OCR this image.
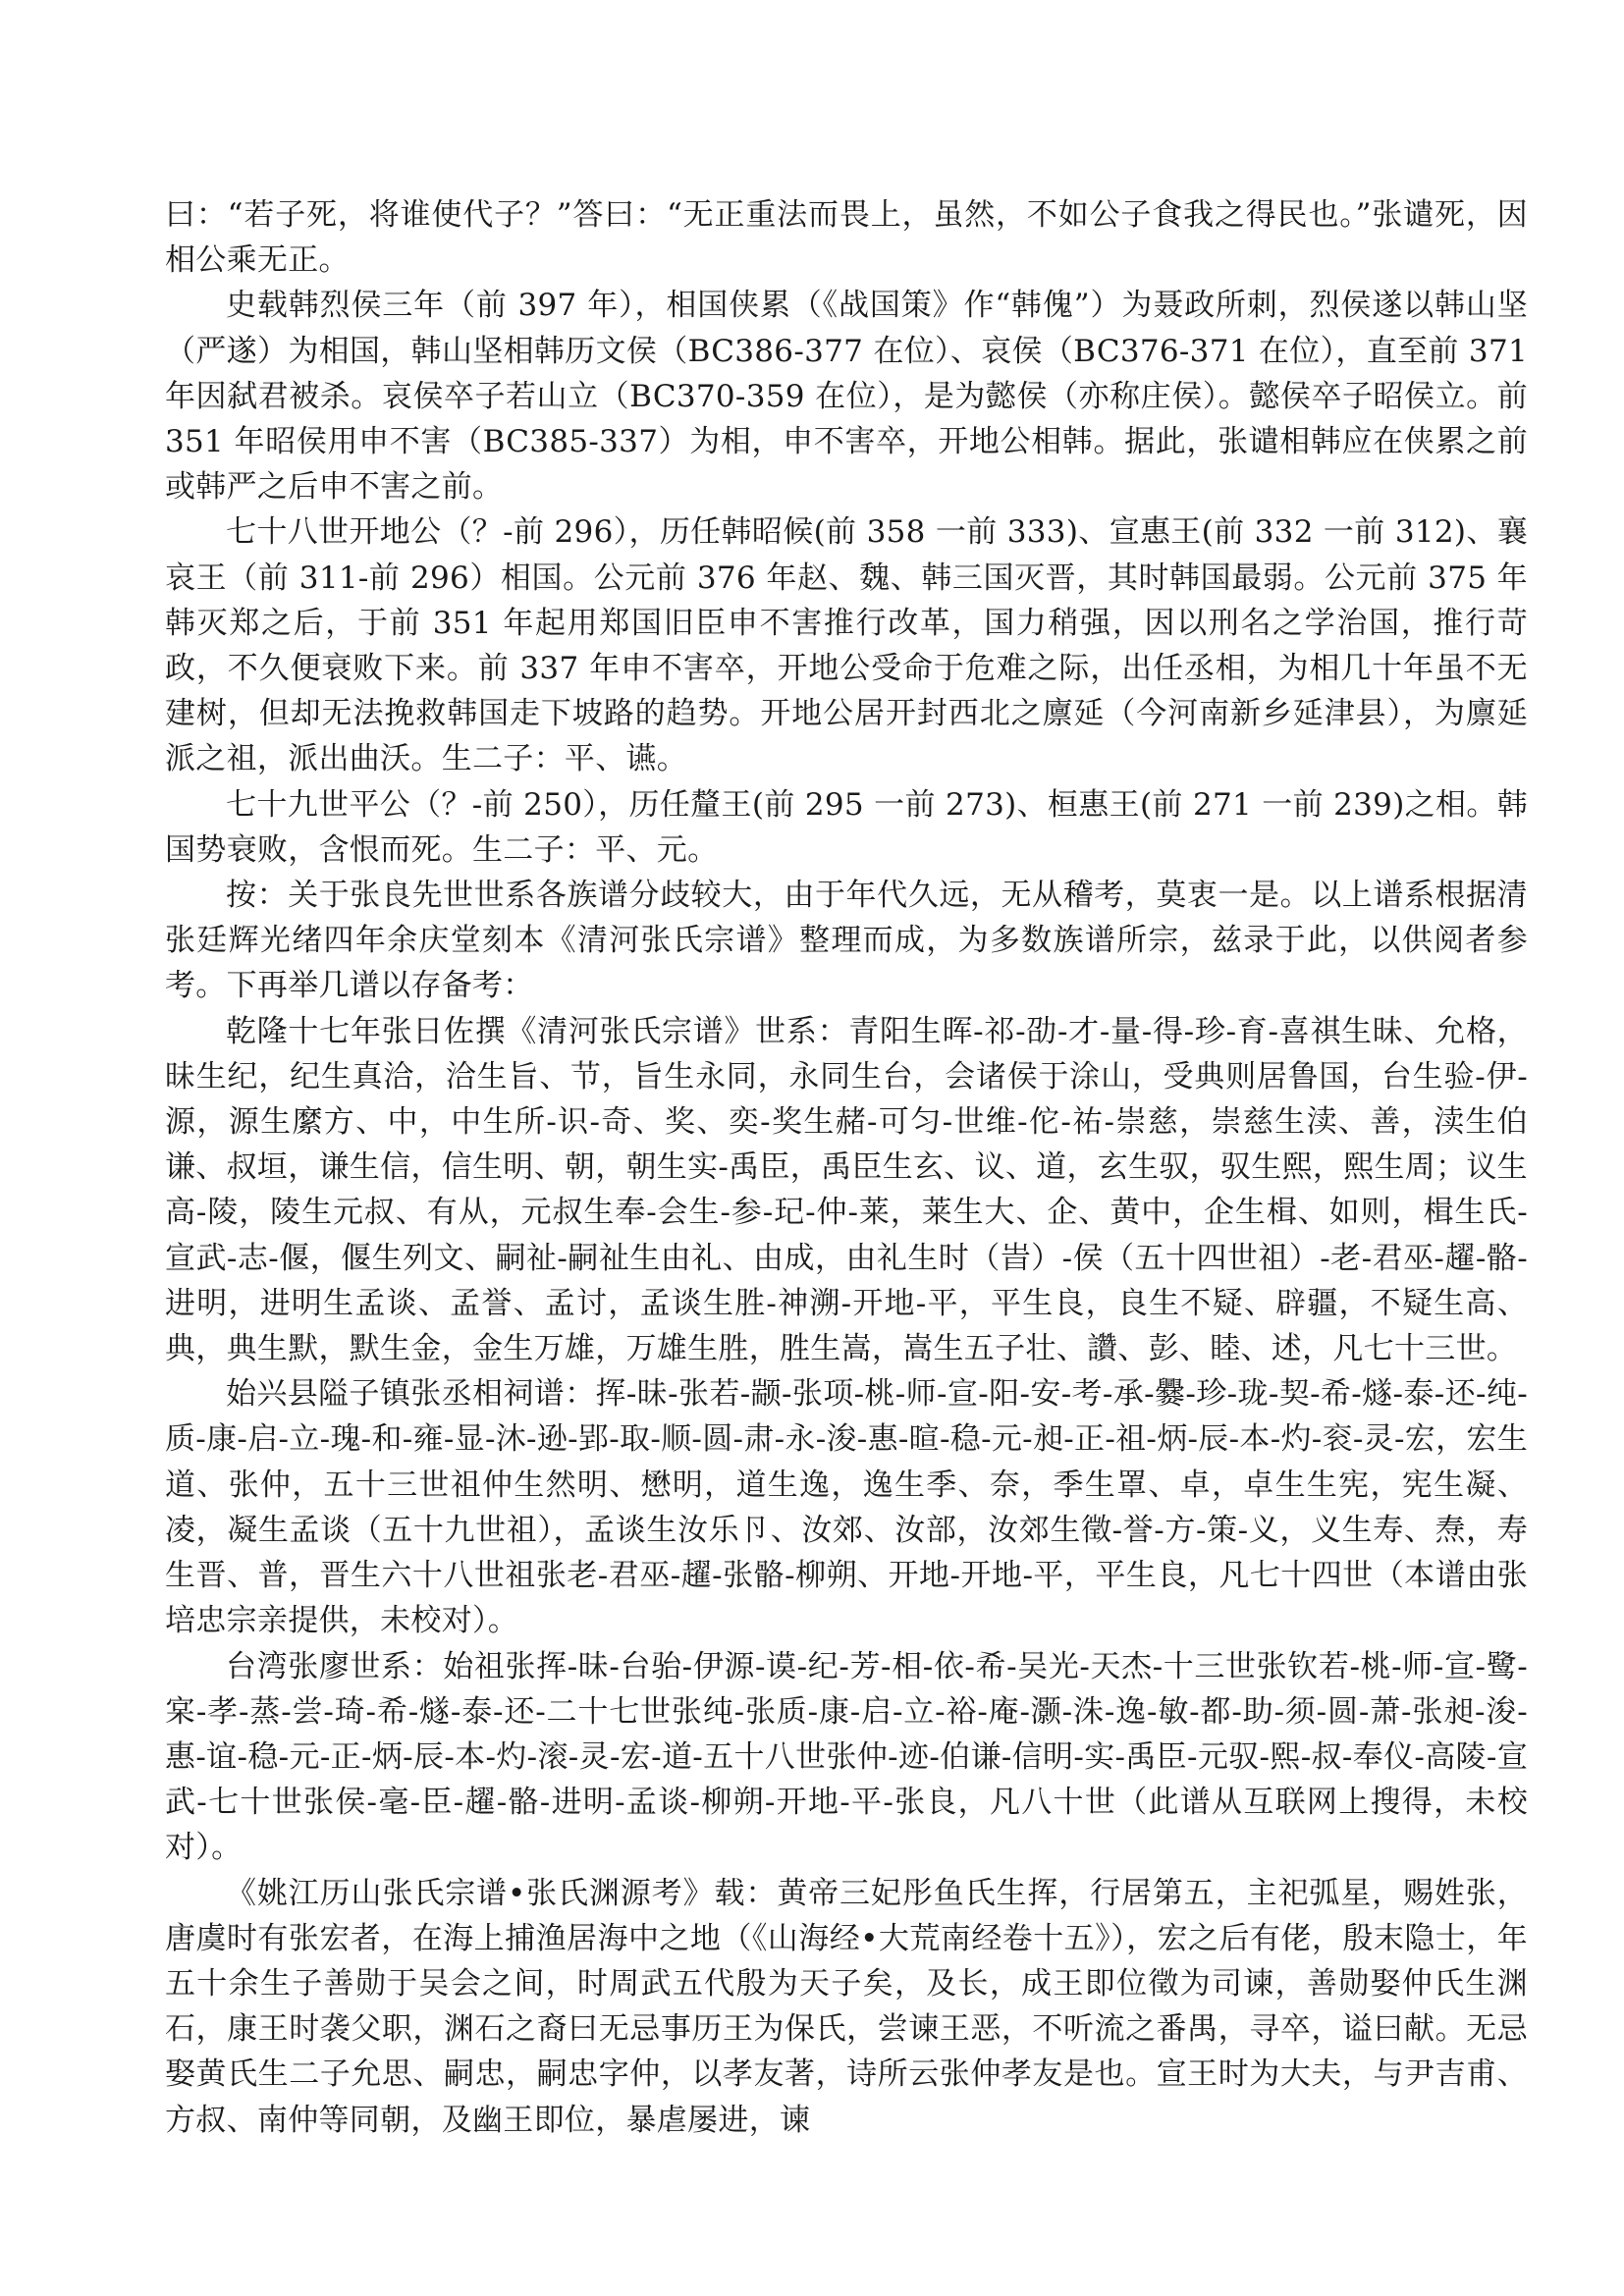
曰：“若子死，将谁使代子？”答曰：“无正重法而畏上，虽然，不如公子食我之得民也。”张谴死，因相公乘无正。

史载韩烈侯三年（前 397 年），相国侠累（《战国策》作“韩傀”）为聂政所刺，烈侯遂以韩山坚（严遂）为相国，韩山坚相韩历文侯（BC386-377 在位）、哀侯（BC376-371 在位），直至前 371 年因弑君被杀。哀侯卒子若山立（BC370-359 在位），是为懿侯（亦称庄侯）。懿侯卒子昭侯立。前 351 年昭侯用申不害（BC385-337）为相，申不害卒，开地公相韩。据此，张谴相韩应在侠累之前或韩严之后申不害之前。

七十八世开地公（？-前 296），历任韩昭候(前 358 一前 333)、宣惠王(前 332 一前 312)、襄哀王（前 311-前 296）相国。公元前 376 年赵、魏、韩三国灭晋，其时韩国最弱。公元前 375 年韩灭郑之后，于前 351 年起用郑国旧臣申不害推行改革，国力稍强，因以刑名之学治国，推行苛政，不久便衰败下来。前 337 年申不害卒，开地公受命于危难之际，出任丞相，为相几十年虽不无建树，但却无法挽救韩国走下坡路的趋势。开地公居开封西北之廪延（今河南新乡延津县），为廪延派之祖，派出曲沃。生二子：平、䜩。

七十九世平公（？-前 250），历任釐王(前 295 一前 273)、桓惠王(前 271 一前 239)之相。韩国势衰败，含恨而死。生二子：平、元。

按：关于张良先世世系各族谱分歧较大，由于年代久远，无从稽考，莫衷一是。以上谱系根据清张廷辉光绪四年余庆堂刻本《清河张氏宗谱》整理而成，为多数族谱所宗，兹录于此，以供阅者参考。下再举几谱以存备考：

乾隆十七年张日佐撰《清河张氏宗谱》世系：青阳生晖-祁-劭-才-量-得-珍-育-喜祺生昧、允格，昧生纪，纪生真洽，洽生旨、节，旨生永同，永同生台，会诸侯于涂山，受典则居鲁国，台生验-伊-源，源生縻方、中，中生所-识-奇、奖、奕-奖生赭-可匀-世维-佗-祐-崇慈，崇慈生渎、善，渎生伯谦、叔垣，谦生信，信生明、朝，朝生实-禹臣，禹臣生玄、议、道，玄生驭，驭生熙，熙生周；议生高-陵，陵生元叔、有从，元叔生奉-会生-参-玘-仲-莱，莱生大、企、黄中，企生楫、如则，楫生氏-宣武-志-偃，偃生列文、嗣祉-嗣祉生由礼、由成，由礼生时（旹）-侯（五十四世祖）-老-君巫-趯-骼-进明，进明生孟谈、孟誉、孟讨，孟谈生胜-神溯-开地-平，平生良，良生不疑、辟疆，不疑生高、典，典生默，默生金，金生万雄，万雄生胜，胜生嵩，嵩生五子壮、讚、彭、睦、述，凡七十三世。

始兴县隘子镇张丞相祠谱：挥-昧-张若-颛-张项-桃-师-宣-阳-安-考-承-爨-珍-珑-契-希-燧-泰-还-纯-质-康-启-立-瑰-和-雍-显-沐-逊-郢-取-顺-圆-肃-永-浚-惠-暄-稳-元-昶-正-祖-炳-辰-本-灼-衮-灵-宏，宏生道、张仲，五十三世祖仲生然明、懋明，道生逸，逸生季、奈，季生罩、卓，卓生生宪，宪生凝、凌，凝生孟谈（五十九世祖），孟谈生汝乐卪、汝郊、汝部，汝郊生徵-誉-方-策-义，义生寿、焘，寿生晋、普，晋生六十八世祖张老-君巫-趯-张骼-柳朔、开地-开地-平，平生良，凡七十四世（本谱由张培忠宗亲提供，未校对）。

台湾张廖世系：始祖张挥-昧-台骀-伊源-谟-纪-芳-相-依-希-吴光-天杰-十三世张钦若-桃-师-宣-鹭-宲-孝-蒸-尝-琦-希-燧-泰-还-二十七世张纯-张质-康-启-立-裕-庵-灏-洙-逸-敏-都-助-须-圆-萧-张昶-浚-惠-谊-稳-元-正-炳-辰-本-灼-滚-灵-宏-道-五十八世张仲-迹-伯谦-信明-实-禹臣-元驭-熙-叔-奉仪-高陵-宣武-七十世张侯-毫-臣-趯-骼-进明-孟谈-柳朔-开地-平-张良，凡八十世（此谱从互联网上搜得，未校对）。

《姚江历山张氏宗谱•张氏渊源考》载：黄帝三妃彤鱼氏生挥，行居第五，主祀弧星，赐姓张，唐虞时有张宏者，在海上捕渔居海中之地（《山海经•大荒南经卷十五》），宏之后有佬，殷末隐士，年五十余生子善勋于吴会之间，时周武五代殷为天子矣，及长，成王即位徵为司谏，善勋娶仲氏生渊石，康王时袭父职，渊石之裔曰无忌事历王为保氏，尝谏王恶，不听流之番禺，寻卒，谥曰献。无忌娶黄氏生二子允思、嗣忠，嗣忠字仲，以孝友著，诗所云张仲孝友是也。宣王时为大夫，与尹吉甫、方叔、南仲等同朝，及幽王即位，暴虐屡进，谏
